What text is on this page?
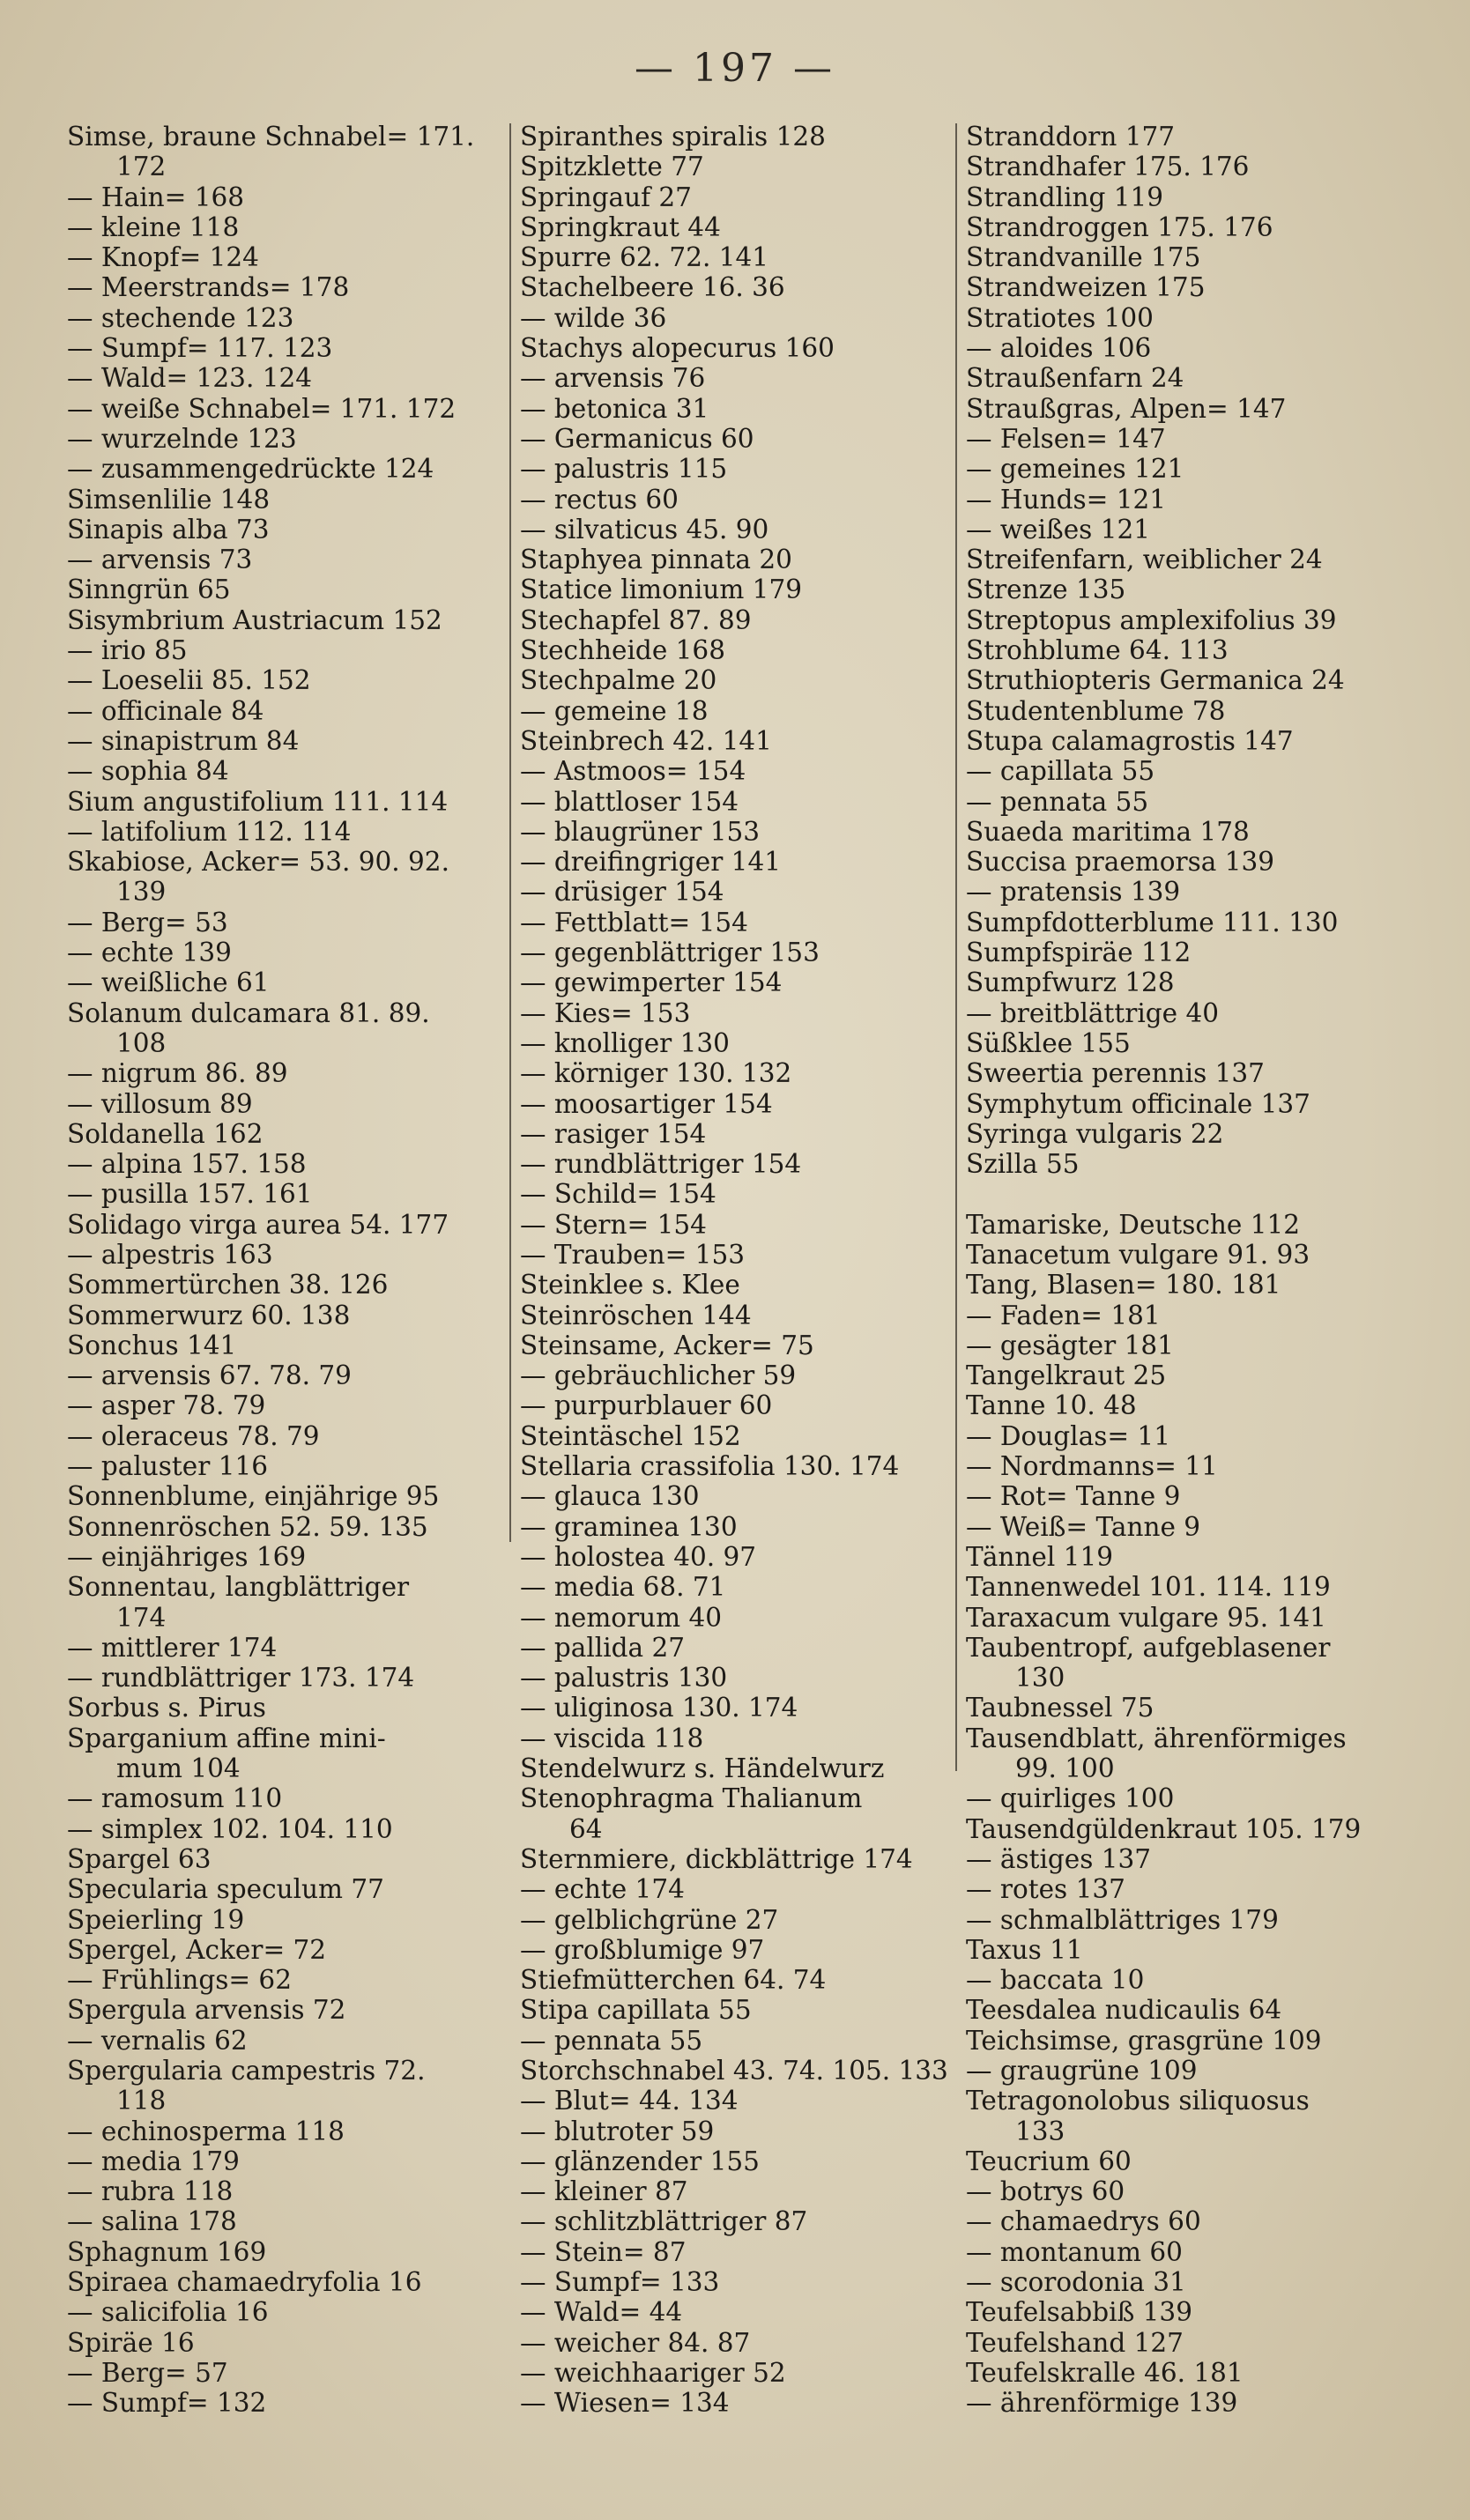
— 197 —
Simse, braune Schnabel= 171.
172
— Hain= 168
— kleine 118
— Knopf= 124
— Meerstrands= 178
— stechende 123
— Sumpf= 117. 123
— Wald= 123. 124
— weiße Schnabel= 171. 172
— wurzelnde 123
— zusammengedrückte 124
Simsenlilie 148
Sinapis alba 73
— arvensis 73
Sinngrün 65
Sisymbrium Austriacum 152
— irio 85
— Loeselii 85. 152
— officinale 84
— sinapistrum 84
— sophia 84
Sium angustifolium 111. 114
— latifolium 112. 114
Skabiose, Acker= 53. 90. 92.
139
— Berg= 53
— echte 139
— weißliche 61
Solanum dulcamara 81. 89.
108
— nigrum 86. 89
— villosum 89
Soldanella 162
— alpina 157. 158
— pusilla 157. 161
Solidago virga aurea 54. 177
— alpestris 163
Sommertürchen 38. 126
Sommerwurz 60. 138
Sonchus 141
— arvensis 67. 78. 79
— asper 78. 79
— oleraceus 78. 79
— paluster 116
Sonnenblume, einjährige 95
Sonnenröschen 52. 59. 135
— einjähriges 169
Sonnentau, langblättriger
174
— mittlerer 174
— rundblättriger 173. 174
Sorbus s. Pirus
Sparganium affine mini-
mum 104
— ramosum 110
— simplex 102. 104. 110
Spargel 63
Specularia speculum 77
Speierling 19
Spergel, Acker= 72
— Frühlings= 62
Spergula arvensis 72
— vernalis 62
Spergularia campestris 72.
118
— echinosperma 118
— media 179
— rubra 118
— salina 178
Sphagnum 169
Spiraea chamaedryfolia 16
— salicifolia 16
Spiräe 16
— Berg= 57
— Sumpf= 132
Spiranthes spiralis 128
Spitzklette 77
Springauf 27
Springkraut 44
Spurre 62. 72. 141
Stachelbeere 16. 36
— wilde 36
Stachys alopecurus 160
— arvensis 76
— betonica 31
— Germanicus 60
— palustris 115
— rectus 60
— silvaticus 45. 90
Staphyea pinnata 20
Statice limonium 179
Stechapfel 87. 89
Stechheide 168
Stechpalme 20
— gemeine 18
Steinbrech 42. 141
— Astmoos= 154
— blattloser 154
— blaugrüner 153
— dreifingriger 141
— drüsiger 154
— Fettblatt= 154
— gegenblättriger 153
— gewimperter 154
— Kies= 153
— knolliger 130
— körniger 130. 132
— moosartiger 154
— rasiger 154
— rundblättriger 154
— Schild= 154
— Stern= 154
— Trauben= 153
Steinklee s. Klee
Steinröschen 144
Steinsame, Acker= 75
— gebräuchlicher 59
— purpurblauer 60
Steintäschel 152
Stellaria crassifolia 130. 174
— glauca 130
— graminea 130
— holostea 40. 97
— media 68. 71
— nemorum 40
— pallida 27
— palustris 130
— uliginosa 130. 174
— viscida 118
Stendelwurz s. Händelwurz
Stenophragma Thalianum
64
Sternmiere, dickblättrige 174
— echte 174
— gelblichgrüne 27
— großblumige 97
Stiefmütterchen 64. 74
Stipa capillata 55
— pennata 55
Storchschnabel 43. 74. 105. 133
— Blut= 44. 134
— blutroter 59
— glänzender 155
— kleiner 87
— schlitzblättriger 87
— Stein= 87
— Sumpf= 133
— Wald= 44
— weicher 84. 87
— weichhaariger 52
— Wiesen= 134
Stranddorn 177
Strandhafer 175. 176
Strandling 119
Strandroggen 175. 176
Strandvanille 175
Strandweizen 175
Stratiotes 100
— aloides 106
Straußenfarn 24
Straußgras, Alpen= 147
— Felsen= 147
— gemeines 121
— Hunds= 121
— weißes 121
Streifenfarn, weiblicher 24
Strenze 135
Streptopus amplexifolius 39
Strohblume 64. 113
Struthiopteris Germanica 24
Studentenblume 78
Stupa calamagrostis 147
— capillata 55
— pennata 55
Suaeda maritima 178
Succisa praemorsa 139
— pratensis 139
Sumpfdotterblume 111. 130
Sumpfspiräe 112
Sumpfwurz 128
— breitblättrige 40
Süßklee 155
Sweertia perennis 137
Symphytum officinale 137
Syringa vulgaris 22
Szilla 55
Tamariske, Deutsche 112
Tanacetum vulgare 91. 93
Tang, Blasen= 180. 181
— Faden= 181
— gesägter 181
Tangelkraut 25
Tanne 10. 48
— Douglas= 11
— Nordmanns= 11
— Rot= Tanne 9
— Weiß= Tanne 9
Tännel 119
Tannenwedel 101. 114. 119
Taraxacum vulgare 95. 141
Taubentropf, aufgeblasener
130
Taubnessel 75
Tausendblatt, ährenförmiges
99. 100
— quirliges 100
Tausendgüldenkraut 105. 179
— ästiges 137
— rotes 137
— schmalblättriges 179
Taxus 11
— baccata 10
Teesdalea nudicaulis 64
Teichsimse, grasgrüne 109
— graugrüne 109
Tetragonolobus siliquosus
133
Teucrium 60
— botrys 60
— chamaedrys 60
— montanum 60
— scorodonia 31
Teufelsabbiß 139
Teufelshand 127
Teufelskralle 46. 181
— ährenförmige 139
